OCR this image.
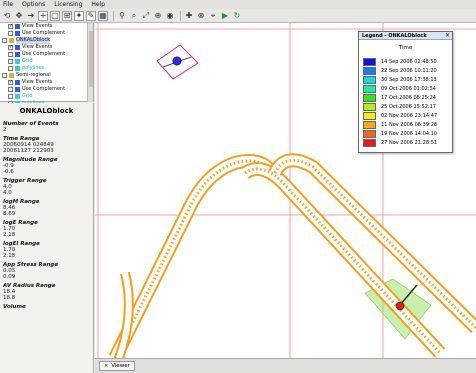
File Options Licensing Help
⟲ ✥ ➔ + ▢ ⊞ ✦ ✎ ▦ ⚲ ⌕ ⤢ ⊕ ◉ ✚ ⊗ ⌖ ▶ ↻
✓ View Events
Use Complement
ONKALOblock
✓ View Events
Use Complement
Grid
polylines
Semi-regional
✓ View Events
Use Complement
Grid
ONKALOblock
Number of Events
2
Time Range
20060914 024849
20061127 212903
Magnitude Range
-0.9
-0.6
Trigger Range
4.0
4.0
logM Range
8.46
8.69
logE Range
1.70
2.18
logEI Range
1.70
2.18
App Stress Range
0.05
0.09
AV Radius Range
18.4
18.8
Volume
× Viewer
Legend - ONKALOblock	×
Time
14 Sep 2006 02:48:50
22 Sep 2006 10:11:20
30 Sep 2006 17:38:13
09 Oct 2006 01:02:54
17 Oct 2006 08:25:24
25 Oct 2006 15:52:17
02 Nov 2006 23:14:47
11 Nov 2006 06:39:28
19 Nov 2006 14:04:10
27 Nov 2006 21:28:51
